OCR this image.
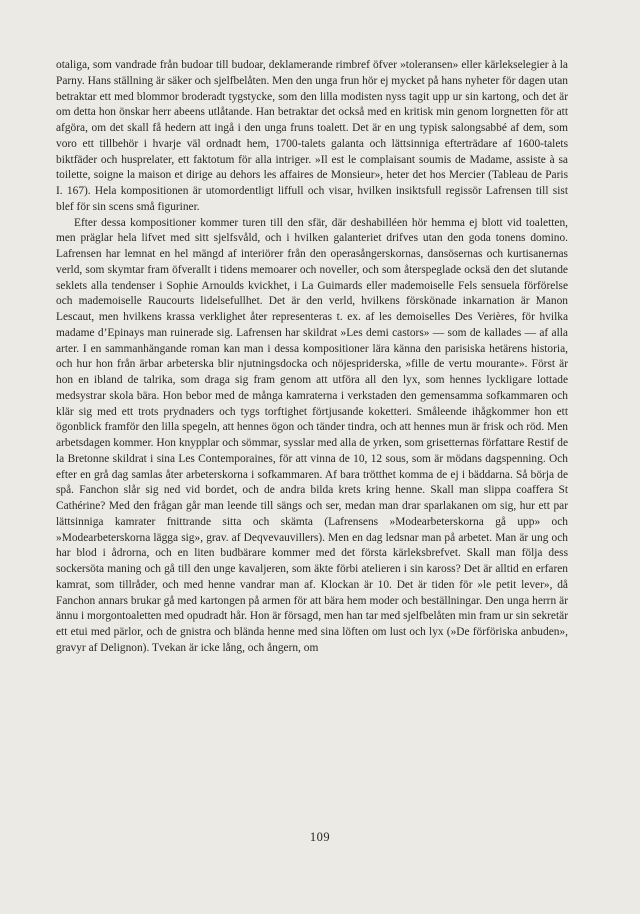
otaliga, som vandrade från budoar till budoar, deklamerande rimbref öfver »toleransen» eller kärlekselegier à la Parny. Hans ställning är säker och sjelfbelåten. Men den unga frun hör ej mycket på hans nyheter för dagen utan betraktar ett med blommor broderadt tygstycke, som den lilla modisten nyss tagit upp ur sin kartong, och det är om detta hon önskar herr abeens utlåtande. Han betraktar det också med en kritisk min genom lorgnetten för att afgöra, om det skall få hedern att ingå i den unga fruns toalett. Det är en ung typisk salongsabbé af dem, som voro ett tillbehör i hvarje väl ordnadt hem, 1700-talets galanta och lättsinniga efterträdare af 1600-talets biktfäder och husprelater, ett faktotum för alla intriger. »Il est le complaisant soumis de Madame, assiste à sa toilette, soigne la maison et dirige au dehors les affaires de Monsieur», heter det hos Mercier (Tableau de Paris I. 167). Hela kompositionen är utomordentligt liffull och visar, hvilken insiktsfull regissör Lafrensen till sist blef för sin scens små figuriner.

Efter dessa kompositioner kommer turen till den sfär, där deshabilléen hör hemma ej blott vid toaletten, men präglar hela lifvet med sitt sjelfsvåld, och i hvilken galanteriet drifves utan den goda tonens domino. Lafrensen har lemnat en hel mängd af interiörer från den operasångerskornas, dansösernas och kurtisanernas verld, som skymtar fram öfverallt i tidens memoarer och noveller, och som återspeglade ocksä den det slutande seklets alla tendenser i Sophie Arnoulds kvickhet, i La Guimards eller mademoiselle Fels sensuela förförelse och mademoiselle Raucourts lidelsefullhet. Det är den verld, hvilkens förskönade inkarnation är Manon Lescaut, men hvilkens krassa verklighet åter representeras t. ex. af les demoiselles Des Verières, för hvilka madame d’Epinays man ruinerade sig. Lafrensen har skildrat »Les demi castors» — som de kallades — af alla arter. I en sammanhängande roman kan man i dessa kompositioner lära känna den parisiska hetärens historia, och hur hon från ärbar arbeterska blir njutningsdocka och nöjespriderska, »fille de vertu mourante». Först är hon en ibland de talrika, som draga sig fram genom att utföra all den lyx, som hennes lyckligare lottade medsystrar skola bära. Hon bebor med de många kamraterna i verkstaden den gemensamma sofkammaren och klär sig med ett trots prydnaders och tygs torftighet förtjusande koketteri. Småleende ihågkommer hon ett ögonblick framför den lilla spegeln, att hennes ögon och tänder tindra, och att hennes mun är frisk och röd. Men arbetsdagen kommer. Hon knypplar och sömmar, sysslar med alla de yrken, som grisetternas författare Restif de la Bretonne skildrat i sina Les Contemporaines, för att vinna de 10, 12 sous, som är mödans dagspenning. Och efter en grå dag samlas åter arbeterskorna i sofkammaren. Af bara trötthet komma de ej i bäddarna. Så börja de spå. Fanchon slår sig ned vid bordet, och de andra bilda krets kring henne. Skall man slippa coaffera St Cathérine? Med den frågan går man leende till sängs och ser, medan man drar sparlakanen om sig, hur ett par lättsinniga kamrater fnittrande sitta och skämta (Lafrensens »Modearbeterskorna gå upp» och »Modearbeterskorna lägga sig», grav. af Deqvevauvillers). Men en dag ledsnar man på arbetet. Man är ung och har blod i ådrorna, och en liten budbärare kommer med det första kärleksbrefvet. Skall man följa dess sockersöta maning och gå till den unge kavaljeren, som äkte förbi atelieren i sin kaross? Det är alltid en erfaren kamrat, som tillråder, och med henne vandrar man af. Klockan är 10. Det är tiden för »le petit lever», då Fanchon annars brukar gå med kartongen på armen för att bära hem moder och beställningar. Den unga herrn är ännu i morgontoaletten med opudradt hår. Hon är försagd, men han tar med sjelfbelåten min fram ur sin sekretär ett etui med pärlor, och de gnistra och blända henne med sina löften om lust och lyx (»De förföriska anbuden», gravyr af Delignon). Tvekan är icke lång, och ångern, om

109
